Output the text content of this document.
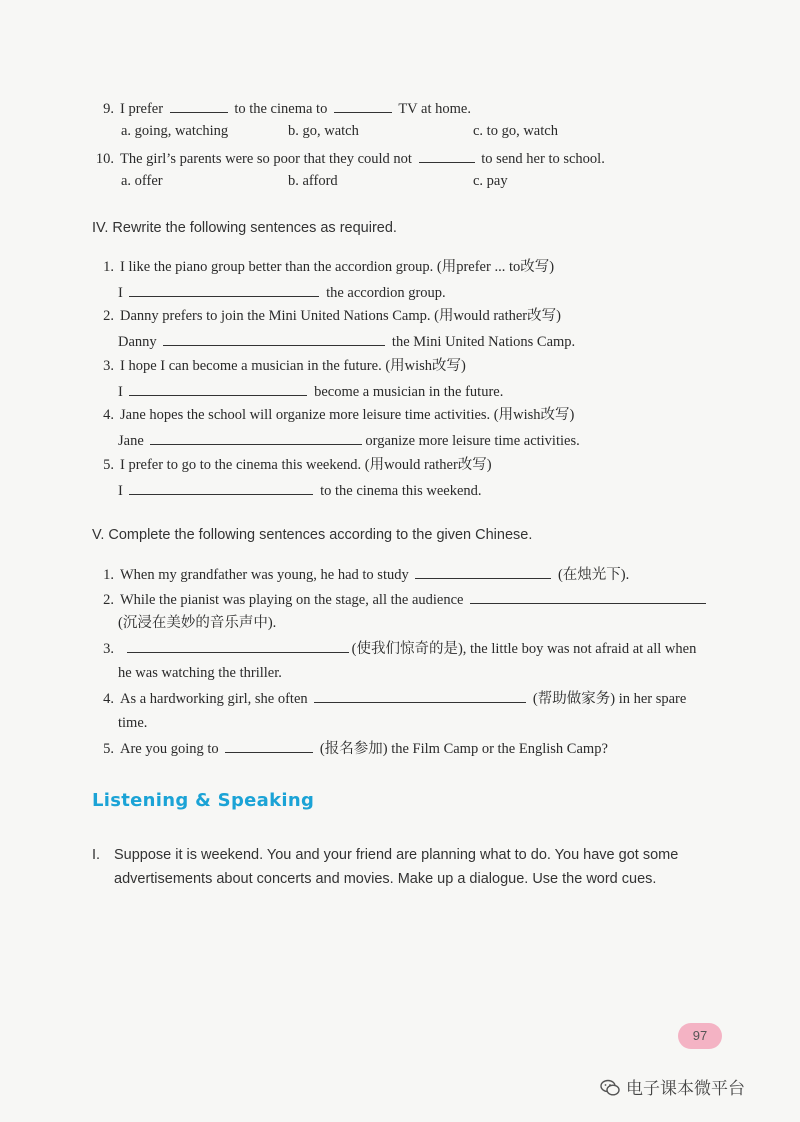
9. I prefer	to the cinema to	TV at home.
a. going, watching	b. go, watch	c. to go, watch
10. The girl’s parents were so poor that they could not	to send her to school.
a. offer	b. afford	c. pay
IV. Rewrite the following sentences as required.
1. I like the piano group better than the accordion group. (用prefer ... to改写)
I	the accordion group.
2. Danny prefers to join the Mini United Nations Camp. (用would rather改写)
Danny	the Mini United Nations Camp.
3. I hope I can become a musician in the future. (用wish改写)
I	become a musician in the future.
4. Jane hopes the school will organize more leisure time activities. (用wish改写)
Jane	organize more leisure time activities.
5. I prefer to go to the cinema this weekend. (用would rather改写)
I	to the cinema this weekend.
V. Complete the following sentences according to the given Chinese.
1. When my grandfather was young, he had to study	(在烛光下).
2. While the pianist was playing on the stage, all the audience
(沉浸在美妙的音乐声中).
3.	(使我们惊奇的是), the little boy was not afraid at all when
he was watching the thriller.
4. As a hardworking girl, she often	(帮助做家务) in her spare
time.
5. Are you going to	(报名参加) the Film Camp or the English Camp?
Listening & Speaking
I. Suppose it is weekend. You and your friend are planning what to do. You have got some
advertisements about concerts and movies. Make up a dialogue. Use the word cues.
97
电子课本微平台
